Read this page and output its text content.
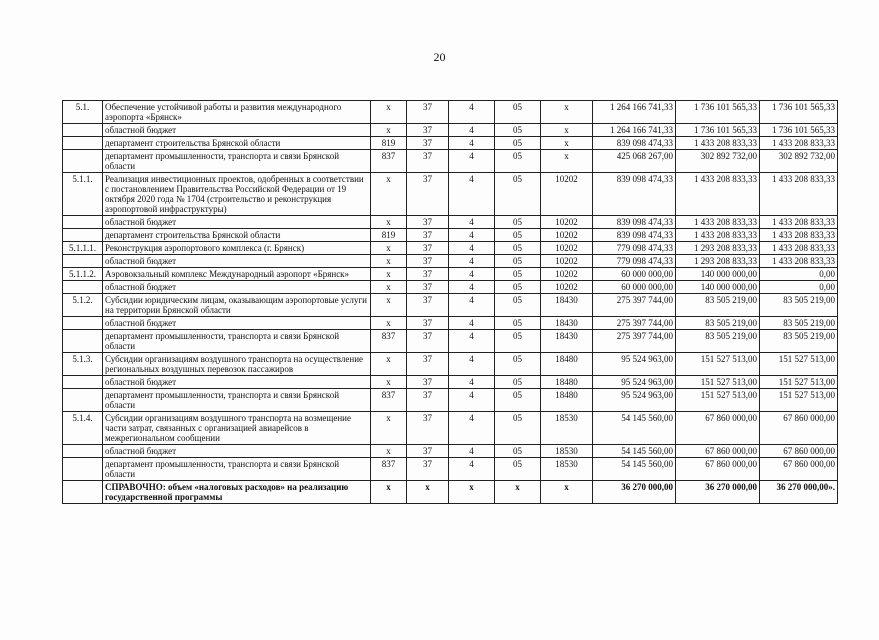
20
5.1.	Обеспечение устойчивой работы и развития международного аэропорта «Брянск»	х	37	4	05	х	1 264 166 741,33	1 736 101 565,33	1 736 101 565,33
	областной бюджет	х	37	4	05	х	1 264 166 741,33	1 736 101 565,33	1 736 101 565,33
	департамент строительства Брянской области	819	37	4	05	х	839 098 474,33	1 433 208 833,33	1 433 208 833,33
	департамент промышленности, транспорта и связи Брянской области	837	37	4	05	х	425 068 267,00	302 892 732,00	302 892 732,00
5.1.1.	Реализация инвестиционных проектов, одобренных в соответствии с постановлением Правительства Российской Федерации от 19 октября 2020 года № 1704 (строительство и реконструкция аэропортовой инфраструктуры)	х	37	4	05	10202	839 098 474,33	1 433 208 833,33	1 433 208 833,33
	областной бюджет	х	37	4	05	10202	839 098 474,33	1 433 208 833,33	1 433 208 833,33
	департамент строительства Брянской области	819	37	4	05	10202	839 098 474,33	1 433 208 833,33	1 433 208 833,33
5.1.1.1.	Реконструкция аэропортового комплекса (г. Брянск)	х	37	4	05	10202	779 098 474,33	1 293 208 833,33	1 433 208 833,33
	областной бюджет	х	37	4	05	10202	779 098 474,33	1 293 208 833,33	1 433 208 833,33
5.1.1.2.	Аэровокзальный комплекс Международный аэропорт «Брянск»	х	37	4	05	10202	60 000 000,00	140 000 000,00	0,00
	областной бюджет	х	37	4	05	10202	60 000 000,00	140 000 000,00	0,00
5.1.2.	Субсидии юридическим лицам, оказывающим аэропортовые услуги на территории Брянской области	х	37	4	05	18430	275 397 744,00	83 505 219,00	83 505 219,00
	областной бюджет	х	37	4	05	18430	275 397 744,00	83 505 219,00	83 505 219,00
	департамент промышленности, транспорта и связи Брянской области	837	37	4	05	18430	275 397 744,00	83 505 219,00	83 505 219,00
5.1.3.	Субсидии организациям воздушного транспорта на осуществление региональных воздушных перевозок пассажиров	х	37	4	05	18480	95 524 963,00	151 527 513,00	151 527 513,00
	областной бюджет	х	37	4	05	18480	95 524 963,00	151 527 513,00	151 527 513,00
	департамент промышленности, транспорта и связи Брянской области	837	37	4	05	18480	95 524 963,00	151 527 513,00	151 527 513,00
5.1.4.	Субсидии организациям воздушного транспорта на возмещение части затрат, связанных с организацией авиарейсов в межрегиональном сообщении	х	37	4	05	18530	54 145 560,00	67 860 000,00	67 860 000,00
	областной бюджет	х	37	4	05	18530	54 145 560,00	67 860 000,00	67 860 000,00
	департамент промышленности, транспорта и связи Брянской области	837	37	4	05	18530	54 145 560,00	67 860 000,00	67 860 000,00
	СПРАВОЧНО: объем «налоговых расходов» на реализацию государственной программы	х	х	х	х	х	36 270 000,00	36 270 000,00	36 270 000,00».
